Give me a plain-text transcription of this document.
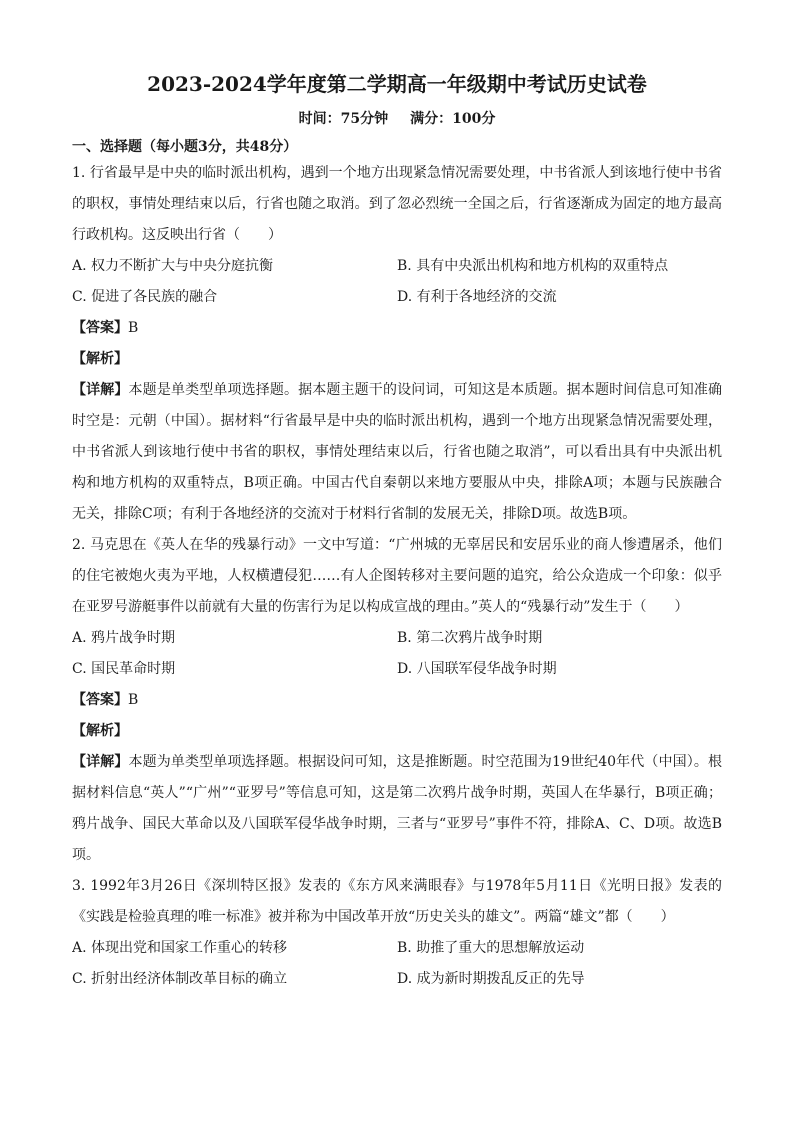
2023-2024学年度第二学期高一年级期中考试历史试卷

时间：75分钟 满分：100分

一、选择题（每小题3分，共48分）

1. 行省最早是中央的临时派出机构，遇到一个地方出现紧急情况需要处理，中书省派人到该地行使中书省的职权，事情处理结束以后，行省也随之取消。到了忽必烈统一全国之后，行省逐渐成为固定的地方最高行政机构。这反映出行省（　　）

A. 权力不断扩大与中央分庭抗衡	B. 具有中央派出机构和地方机构的双重特点
C. 促进了各民族的融合	D. 有利于各地经济的交流

【答案】B

【解析】

【详解】本题是单类型单项选择题。据本题主题干的设问词，可知这是本质题。据本题时间信息可知准确时空是：元朝（中国）。据材料“行省最早是中央的临时派出机构，遇到一个地方出现紧急情况需要处理，中书省派人到该地行使中书省的职权，事情处理结束以后，行省也随之取消”，可以看出具有中央派出机构和地方机构的双重特点，B项正确。中国古代自秦朝以来地方要服从中央，排除A项；本题与民族融合无关，排除C项；有利于各地经济的交流对于材料行省制的发展无关，排除D项。故选B项。

2. 马克思在《英人在华的残暴行动》一文中写道：“广州城的无辜居民和安居乐业的商人惨遭屠杀，他们的住宅被炮火夷为平地，人权横遭侵犯……有人企图转移对主要问题的追究，给公众造成一个印象：似乎在亚罗号游艇事件以前就有大量的伤害行为足以构成宣战的理由。”英人的“残暴行动”发生于（　　）

A. 鸦片战争时期	B. 第二次鸦片战争时期
C. 国民革命时期	D. 八国联军侵华战争时期

【答案】B

【解析】

【详解】本题为单类型单项选择题。根据设问可知，这是推断题。时空范围为19世纪40年代（中国）。根据材料信息“英人”“广州”“亚罗号”等信息可知，这是第二次鸦片战争时期，英国人在华暴行，B项正确；鸦片战争、国民大革命以及八国联军侵华战争时期，三者与“亚罗号”事件不符，排除A、C、D项。故选B项。

3. 1992年3月26日《深圳特区报》发表的《东方风来满眼春》与1978年5月11日《光明日报》发表的《实践是检验真理的唯一标准》被并称为中国改革开放“历史关头的雄文”。两篇“雄文”都（　　）

A. 体现出党和国家工作重心的转移	B. 助推了重大的思想解放运动
C. 折射出经济体制改革目标的确立	D. 成为新时期拨乱反正的先导
